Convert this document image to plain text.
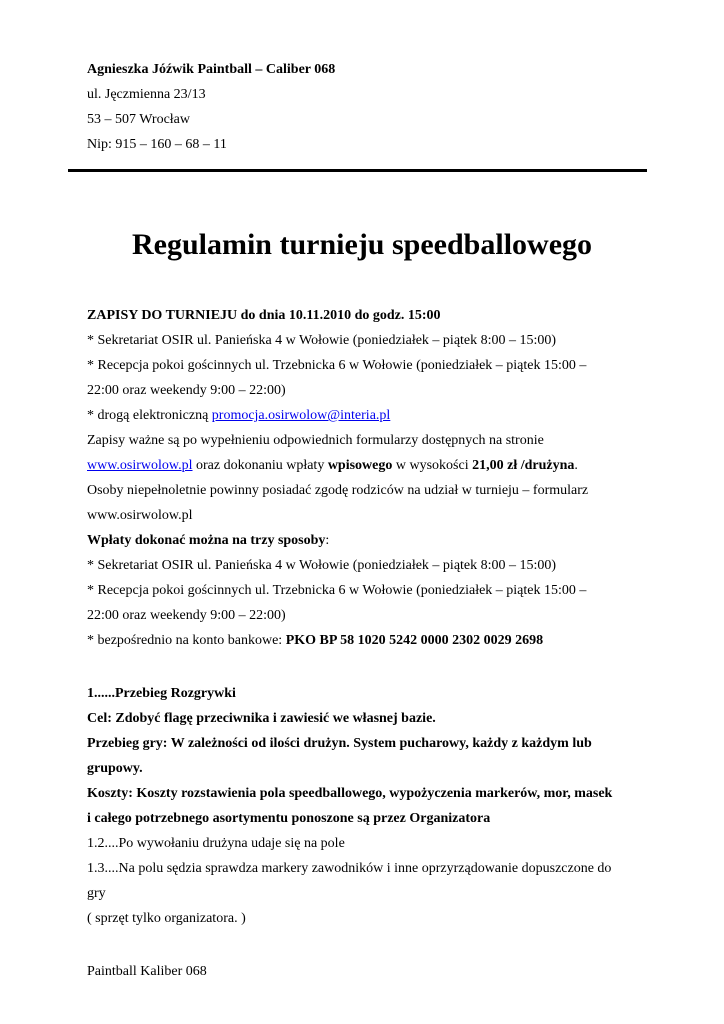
Agnieszka Jóźwik Paintball – Caliber 068
ul. Jęczmienna 23/13
53 – 507 Wrocław
Nip: 915 – 160 – 68 – 11
Regulamin turnieju speedballowego
ZAPISY DO TURNIEJU do dnia 10.11.2010 do godz. 15:00
* Sekretariat OSIR ul. Panieńska 4 w Wołowie (poniedziałek – piątek 8:00 – 15:00)
* Recepcja pokoi gościnnych ul. Trzebnicka 6 w Wołowie (poniedziałek – piątek 15:00 –
22:00 oraz weekendy 9:00 – 22:00)
* drogą elektroniczną promocja.osirwolow@interia.pl
Zapisy ważne są po wypełnieniu odpowiednich formularzy dostępnych na stronie
www.osirwolow.pl oraz dokonaniu wpłaty wpisowego w wysokości 21,00 zł /drużyna.
Osoby niepełnoletnie powinny posiadać zgodę rodziców na udział w turnieju – formularz
www.osirwolow.pl
Wpłaty dokonać można na trzy sposoby:
* Sekretariat OSIR ul. Panieńska 4 w Wołowie (poniedziałek – piątek 8:00 – 15:00)
* Recepcja pokoi gościnnych ul. Trzebnicka 6 w Wołowie (poniedziałek – piątek 15:00 –
22:00 oraz weekendy 9:00 – 22:00)
* bezpośrednio na konto bankowe: PKO BP 58 1020 5242 0000 2302 0029 2698
1......Przebieg Rozgrywki
Cel: Zdobyć flagę przeciwnika i zawiesić we własnej bazie.
Przebieg gry: W zależności od ilości drużyn. System pucharowy, każdy z każdym lub
grupowy.
Koszty: Koszty rozstawienia pola speedballowego, wypożyczenia markerów, mor, masek
i całego potrzebnego asortymentu ponoszone są przez Organizatora
1.2....Po wywołaniu drużyna udaje się na pole
1.3....Na polu sędzia sprawdza markery zawodników i inne oprzyrządowanie dopuszczone do
gry
( sprzęt tylko organizatora. )
Paintball Kaliber 068
